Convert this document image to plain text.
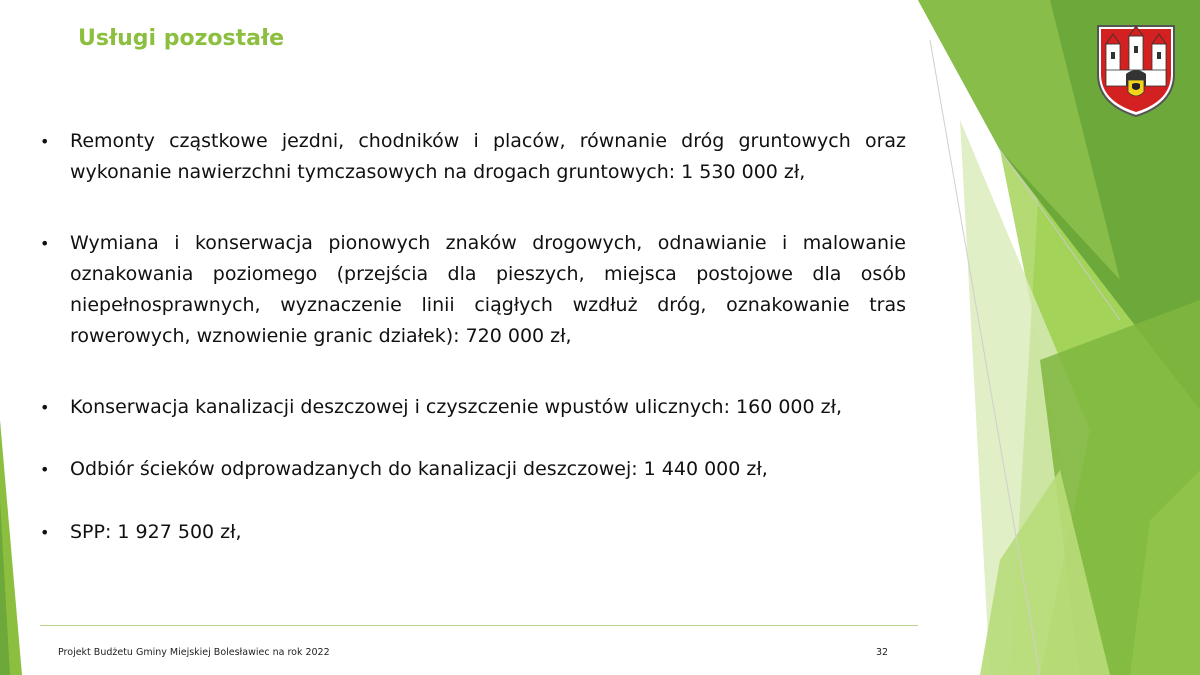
Usługi pozostałe
• Remonty cząstkowe jezdni, chodników i placów, równanie dróg gruntowych oraz wykonanie nawierzchni tymczasowych na drogach gruntowych: 1 530 000 zł,
• Wymiana i konserwacja pionowych znaków drogowych, odnawianie i malowanie oznakowania poziomego (przejścia dla pieszych, miejsca postojowe dla osób niepełnosprawnych, wyznaczenie linii ciągłych wzdłuż dróg, oznakowanie tras rowerowych, wznowienie granic działek): 720 000 zł,
• Konserwacja kanalizacji deszczowej i czyszczenie wpustów ulicznych: 160 000 zł,
• Odbiór ścieków odprowadzanych do kanalizacji deszczowej: 1 440 000 zł,
• SPP: 1 927 500 zł,
Projekt Budżetu Gminy Miejskiej Bolesławiec na rok 2022	32
